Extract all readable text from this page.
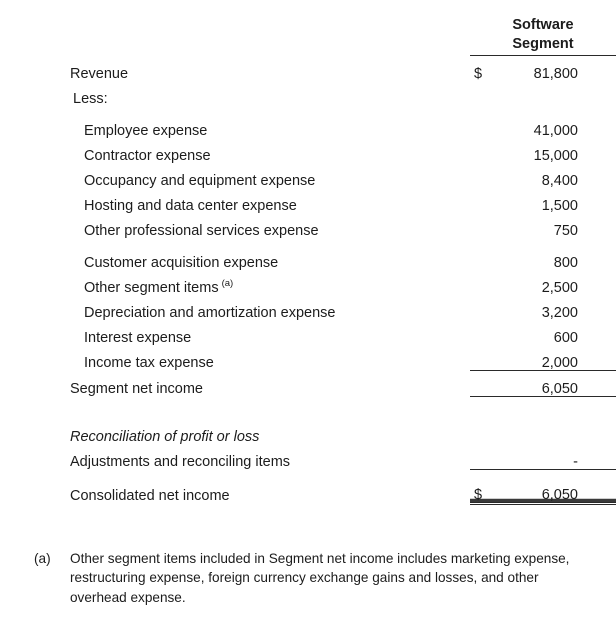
	Software
Segment	

Revenue	$	81,800
Less:		
Employee expense		41,000
Contractor expense		15,000
Occupancy and equipment expense		8,400
Hosting and data center expense		1,500
Other professional services expense		750
Customer acquisition expense		800
Other segment items $^{(a)}$		2,500
Depreciation and amortization expense		3,200
Interest expense		600
Income tax expense		2,000
Segment net income		6,050

Reconciliation of profit or loss		
Adjustments and reconciling items		-
Consolidated net income	$	6,050
(a)	Other segment items included in Segment net income includes marketing expense, restructuring expense, foreign currency exchange gains and losses, and other overhead expense.
